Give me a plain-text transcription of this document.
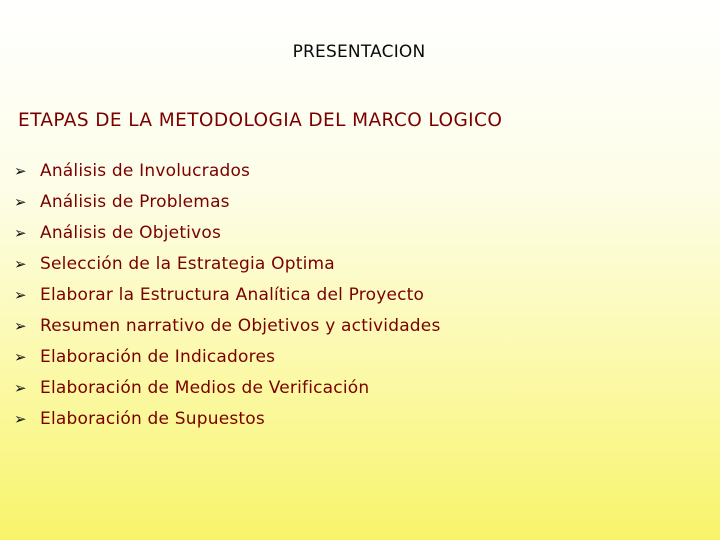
PRESENTACION
ETAPAS DE LA METODOLOGIA DEL MARCO LOGICO
➢ Análisis de Involucrados
➢ Análisis de Problemas
➢ Análisis de Objetivos
➢ Selección de la Estrategia Optima
➢ Elaborar la Estructura Analítica del Proyecto
➢ Resumen narrativo de Objetivos y actividades
➢ Elaboración de Indicadores
➢ Elaboración de Medios de Verificación
➢ Elaboración de Supuestos
